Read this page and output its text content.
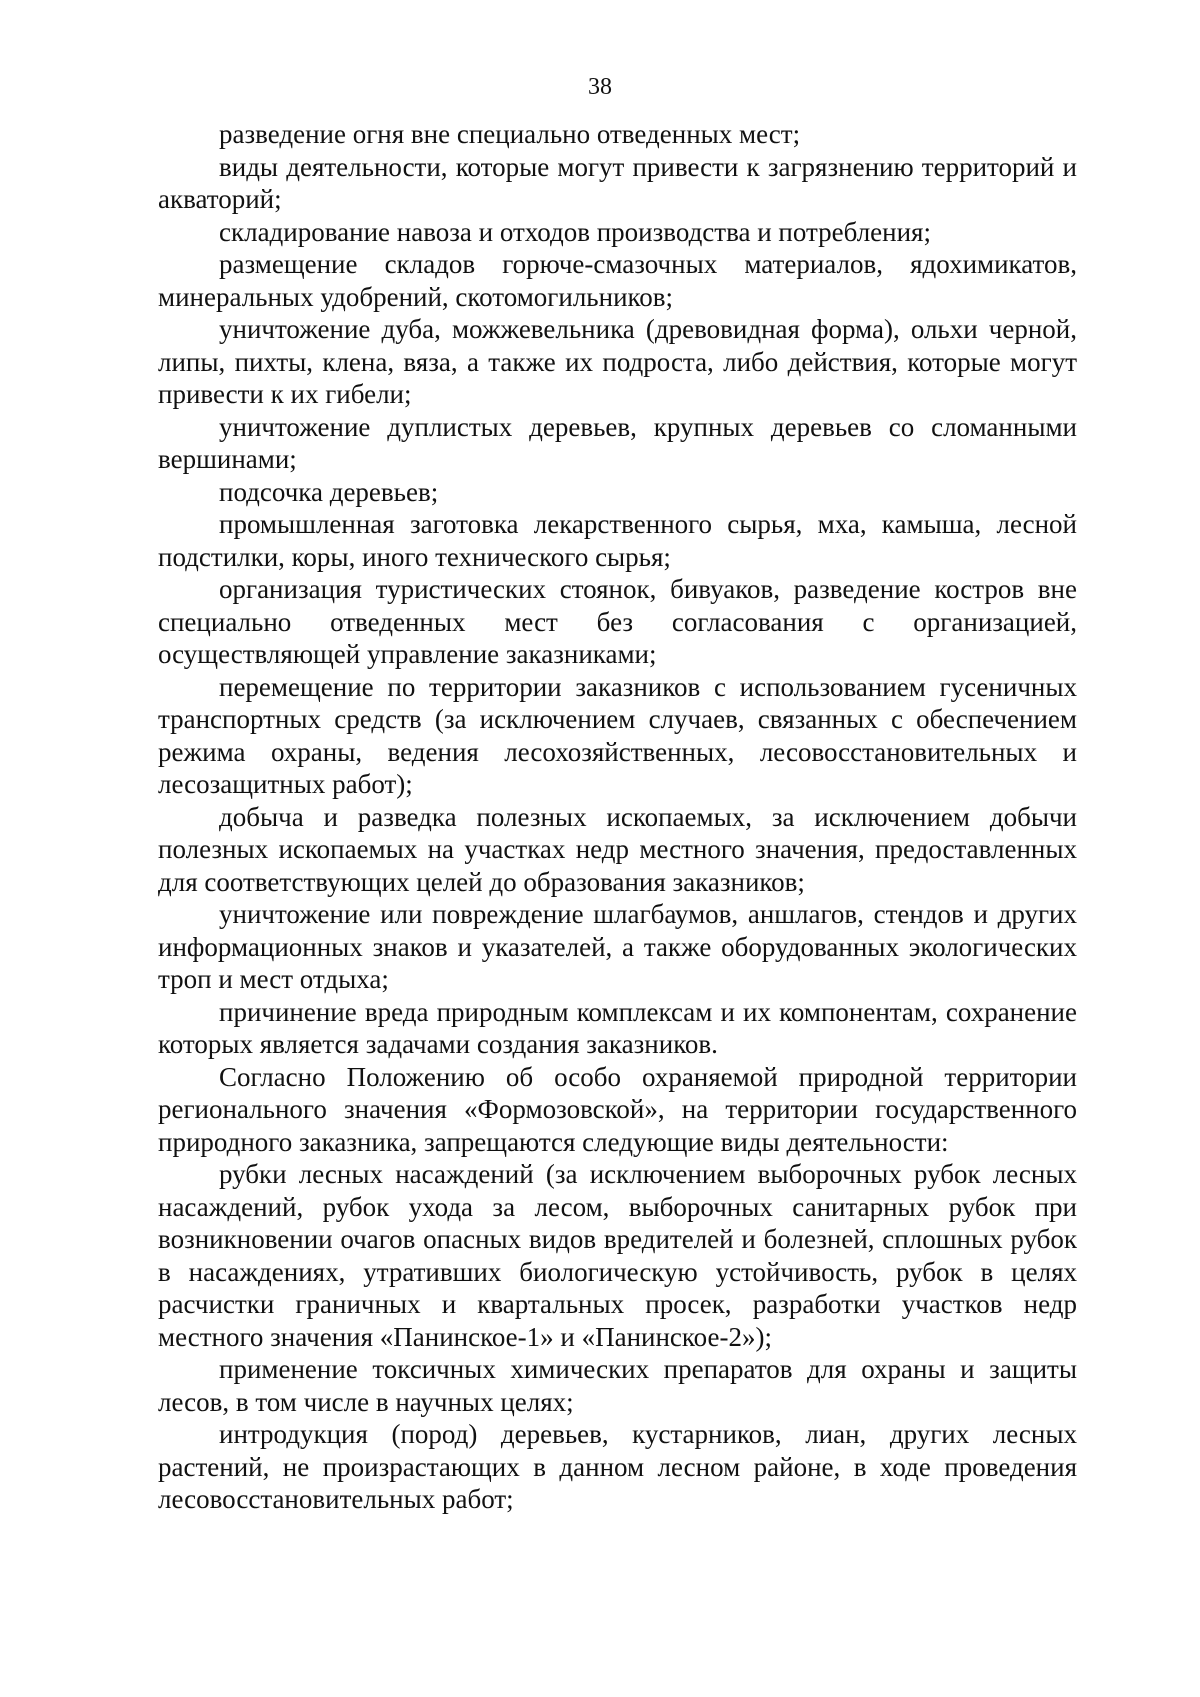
38

разведение огня вне специально отведенных мест;

виды деятельности, которые могут привести к загрязнению территорий и акваторий;

складирование навоза и отходов производства и потребления;

размещение складов горюче-смазочных материалов, ядохимикатов, минеральных удобрений, скотомогильников;

уничтожение дуба, можжевельника (древовидная форма), ольхи черной, липы, пихты, клена, вяза, а также их подроста, либо действия, которые могут привести к их гибели;

уничтожение дуплистых деревьев, крупных деревьев со сломанными вершинами;

подсочка деревьев;

промышленная заготовка лекарственного сырья, мха, камыша, лесной подстилки, коры, иного технического сырья;

организация туристических стоянок, бивуаков, разведение костров вне специально отведенных мест без согласования с организацией, осуществляющей управление заказниками;

перемещение по территории заказников с использованием гусеничных транспортных средств (за исключением случаев, связанных с обеспечением режима охраны, ведения лесохозяйственных, лесовосстановительных и лесозащитных работ);

добыча и разведка полезных ископаемых, за исключением добычи полезных ископаемых на участках недр местного значения, предоставленных для соответствующих целей до образования заказников;

уничтожение или повреждение шлагбаумов, аншлагов, стендов и других информационных знаков и указателей, а также оборудованных экологических троп и мест отдыха;

причинение вреда природным комплексам и их компонентам, сохранение которых является задачами создания заказников.

Согласно Положению об особо охраняемой природной территории регионального значения «Формозовской», на территории государственного природного заказника, запрещаются следующие виды деятельности:

рубки лесных насаждений (за исключением выборочных рубок лесных насаждений, рубок ухода за лесом, выборочных санитарных рубок при возникновении очагов опасных видов вредителей и болезней, сплошных рубок в насаждениях, утративших биологическую устойчивость, рубок в целях расчистки граничных и квартальных просек, разработки участков недр местного значения «Панинское-1» и «Панинское-2»);

применение токсичных химических препаратов для охраны и защиты лесов, в том числе в научных целях;

интродукция (пород) деревьев, кустарников, лиан, других лесных растений, не произрастающих в данном лесном районе, в ходе проведения лесовосстановительных работ;
